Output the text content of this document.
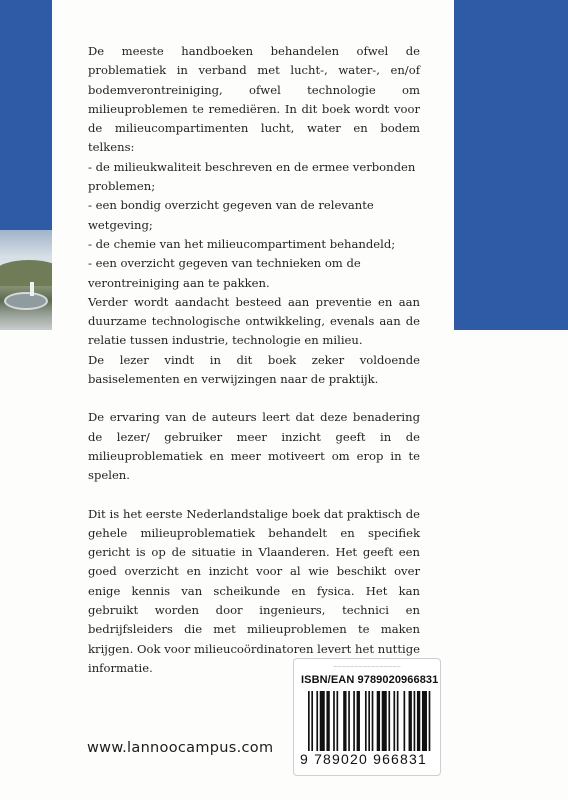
De meeste handboeken behandelen ofwel de problematiek in verband met lucht-, water-, en/of bodemverontreiniging, ofwel technologie om milieuproblemen te remediëren. In dit boek wordt voor de milieucompartimenten lucht, water en bodem telkens:

- de milieukwaliteit beschreven en de ermee verbonden problemen;

- een bondig overzicht gegeven van de relevante wetgeving;

- de chemie van het milieucompartiment behandeld;

- een overzicht gegeven van technieken om de verontreiniging aan te pakken.

Verder wordt aandacht besteed aan preventie en aan duurzame technologische ontwikkeling, evenals aan de relatie tussen industrie, technologie en milieu.

De lezer vindt in dit boek zeker voldoende basiselementen en verwijzingen naar de praktijk.

De ervaring van de auteurs leert dat deze benadering de lezer/ gebruiker meer inzicht geeft in de milieuproblematiek en meer motiveert om erop in te spelen.

Dit is het eerste Nederlandstalige boek dat praktisch de gehele milieuproblematiek behandelt en specifiek gericht is op de situatie in Vlaanderen. Het geeft een goed overzicht en inzicht voor al wie beschikt over enige kennis van scheikunde en fysica. Het kan gebruikt worden door ingenieurs, technici en bedrijfsleiders die met milieuproblemen te maken krijgen. Ook voor milieucoördinatoren levert het nuttige informatie.

www.lannoocampus.com
~~~~~~~~~~~~~~~~
ISBN/EAN 9789020966831
9 789020 966831
